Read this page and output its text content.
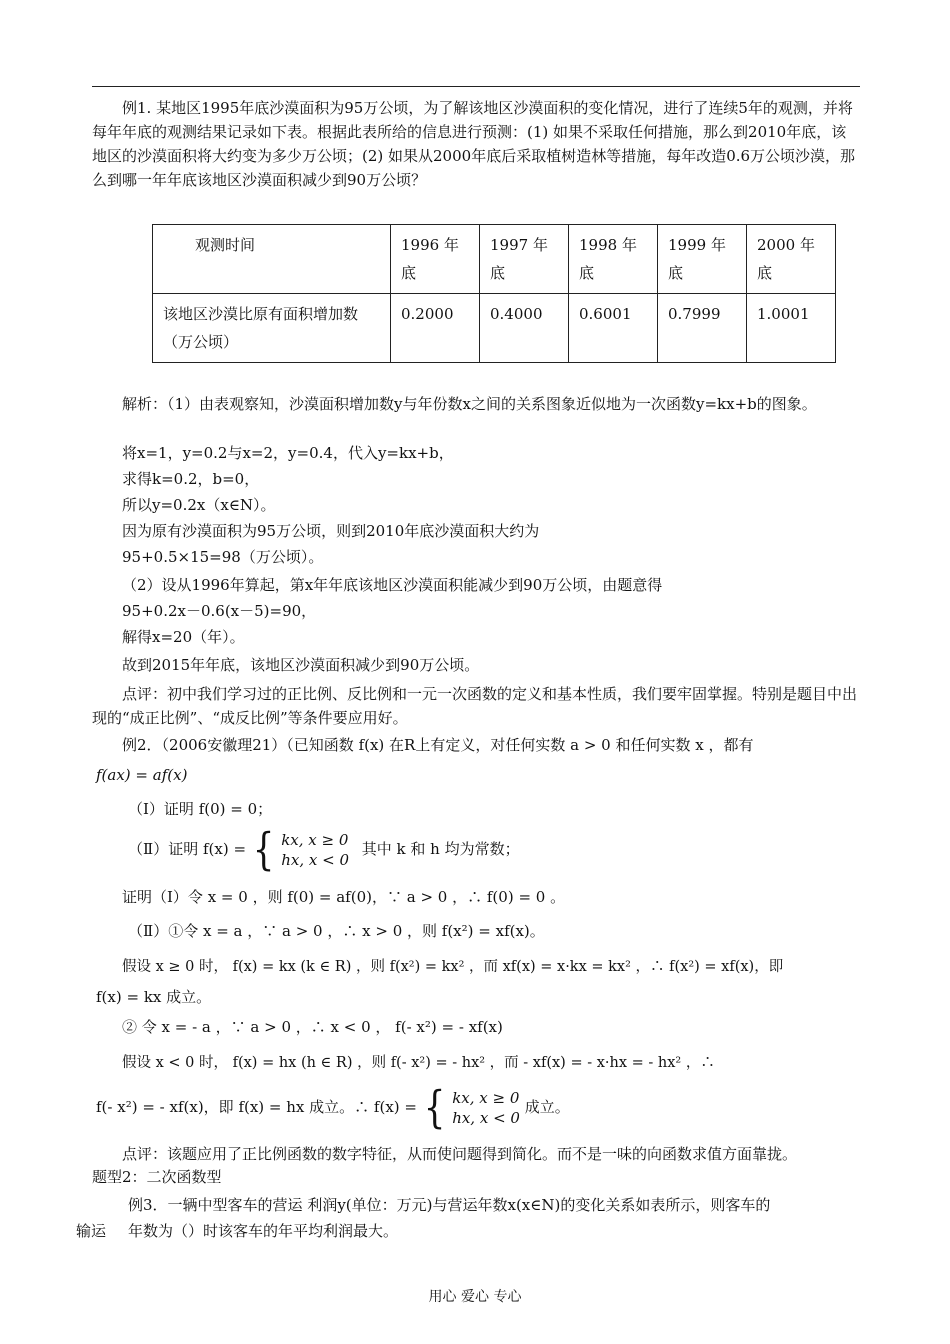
例1. 某地区1995年底沙漠面积为95万公顷，为了解该地区沙漠面积的变化情况，进行了连续5年的观测，并将每年年底的观测结果记录如下表。根据此表所给的信息进行预测：(1) 如果不采取任何措施，那么到2010年底，该地区的沙漠面积将大约变为多少万公顷；(2) 如果从2000年底后采取植树造林等措施，每年改造0.6万公顷沙漠，那么到哪一年年底该地区沙漠面积减少到90万公顷？
观测时间	1996 年底	1997 年底	1998 年底	1999 年底	2000 年底
该地区沙漠比原有面积增加数（万公顷）	0.2000	0.4000	0.6001	0.7999	1.0001
解析：（1）由表观察知，沙漠面积增加数y与年份数x之间的关系图象近似地为一次函数y=kx+b的图象。
将x=1，y=0.2与x=2，y=0.4，代入y=kx+b，
求得k=0.2，b=0，
所以y=0.2x（x∈N）。
因为原有沙漠面积为95万公顷，则到2010年底沙漠面积大约为
95+0.5×15=98（万公顷）。
（2）设从1996年算起，第x年年底该地区沙漠面积能减少到90万公顷，由题意得
95+0.2x－0.6(x－5)=90，
解得x=20（年）。
故到2015年年底，该地区沙漠面积减少到90万公顷。
点评：初中我们学习过的正比例、反比例和一元一次函数的定义和基本性质，我们要牢固掌握。特别是题目中出现的“成正比例”、“成反比例”等条件要应用好。
例2．（2006安徽理21）（已知函数 f(x) 在R上有定义，对任何实数 a > 0 和任何实数 x ，都有
f(ax) = af(x)
（Ⅰ）证明 f(0) = 0；
（Ⅱ）证明 f(x) = { kx, x ≥ 0
hx, x < 0 其中 k 和 h 均为常数；
证明（Ⅰ）令 x = 0 ，则 f(0) = af(0)，∵ a > 0 ，∴ f(0) = 0 。
（Ⅱ）①令 x = a ，∵ a > 0 ，∴ x > 0 ，则 f(x²) = xf(x)。
假设 x ≥ 0 时， f(x) = kx (k ∈ R) ，则 f(x²) = kx² ，而 xf(x) = x·kx = kx² ，∴ f(x²) = xf(x)，即
f(x) = kx 成立。
② 令 x = - a ，∵ a > 0 ，∴ x < 0 ， f(- x²) = - xf(x)
假设 x < 0 时， f(x) = hx (h ∈ R) ，则 f(- x²) = - hx² ，而 - xf(x) = - x·hx = - hx² ，∴
f(- x²) = - xf(x)，即 f(x) = hx 成立。∴ f(x) = { kx, x ≥ 0
hx, x < 0 成立。
点评：该题应用了正比例函数的数字特征，从而使问题得到简化。而不是一味的向函数求值方面靠拢。
题型2：二次函数型
例3．一辆中型客车的营运 利润y(单位：万元)与营运年数x(x∈N)的变化关系如表所示，则客车的
输运 年数为（）时该客车的年平均利润最大。
用心 爱心 专心
